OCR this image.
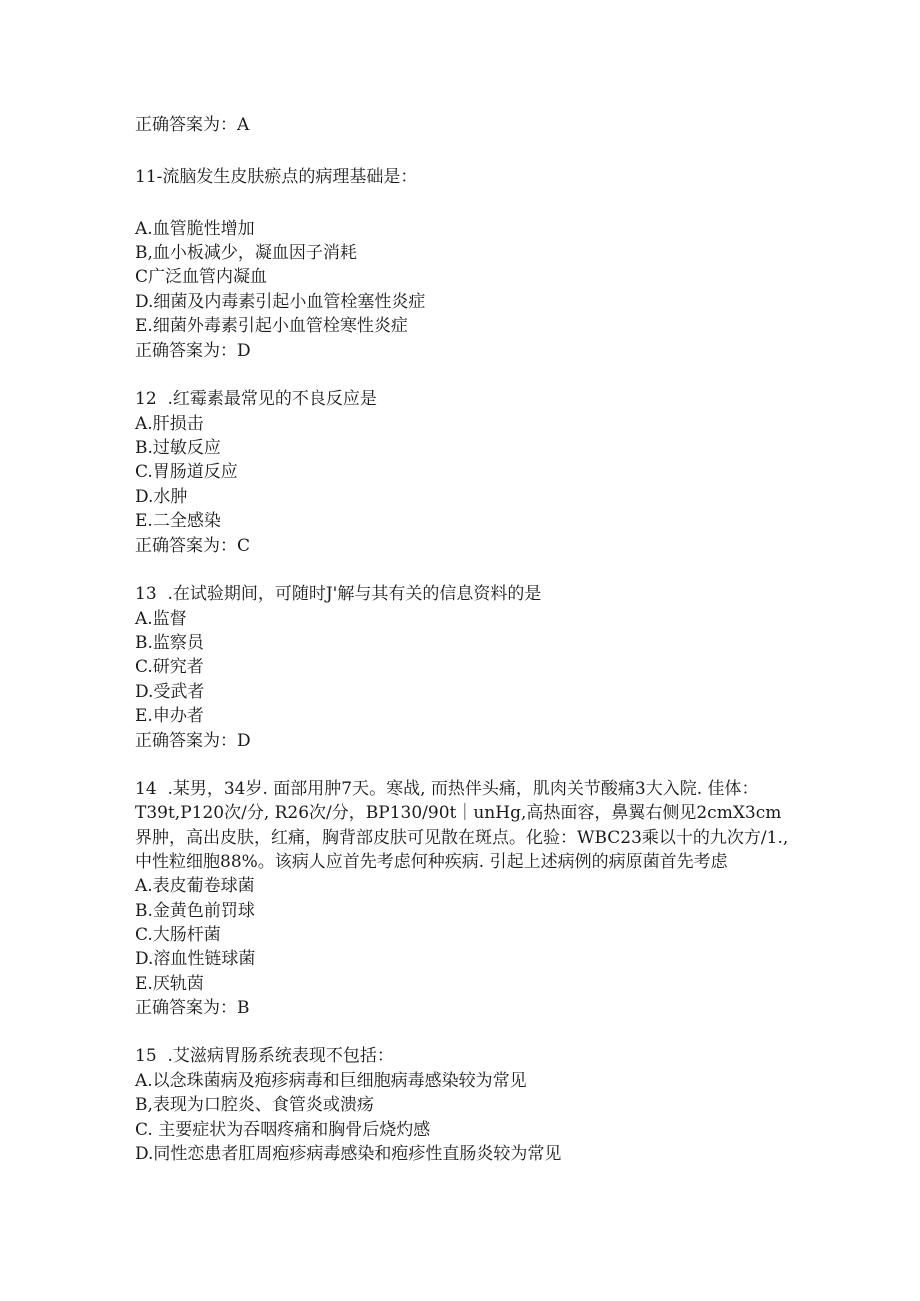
正确答案为：A
11-流脑发生皮肤瘀点的病理基础是：
A.血管脆性增加
B,血小板减少，凝血因子消耗
C广泛血管内凝血
D.细菌及内毒素引起小血管栓塞性炎症
E.细菌外毒素引起小血管栓寒性炎症
正确答案为：D
12  .红霉素最常见的不良反应是
A.肝损击
B.过敏反应
C.胃肠道反应
D.水肿
E.二全感染
正确答案为：C
13  .在试验期间，可随时J'解与其有关的信息资料的是
A.监督
B.监察员
C.研究者
D.受武者
E.申办者
正确答案为：D
14  .某男，34岁. 面部用肿7天。寒战, 而热伴头痛，肌肉关节酸痛3大入院. 佳体：T39t,P120次/分, R26次/分，BP130/90t｜unHg,高热面容，鼻翼右侧见2cmX3cm界肿，高出皮肤，红痛，胸背部皮肤可见散在斑点。化验：WBC23乘以十的九次方/1.,中性粒细胞88%。该病人应首先考虑何种疾病. 引起上述病例的病原菌首先考虑
A.表皮葡卷球菌
B.金黄色前罚球
C.大肠杆菌
D.溶血性链球菌
E.厌轨茵
正确答案为：B
15  .艾滋病胃肠系统表现不包括：
A.以念珠菌病及疱疹病毒和巨细胞病毒感染较为常见
B,表现为口腔炎、食管炎或溃疡
C. 主要症状为吞咽疼痛和胸骨后烧灼感
D.同性恋患者肛周疱疹病毒感染和疱疹性直肠炎较为常见
